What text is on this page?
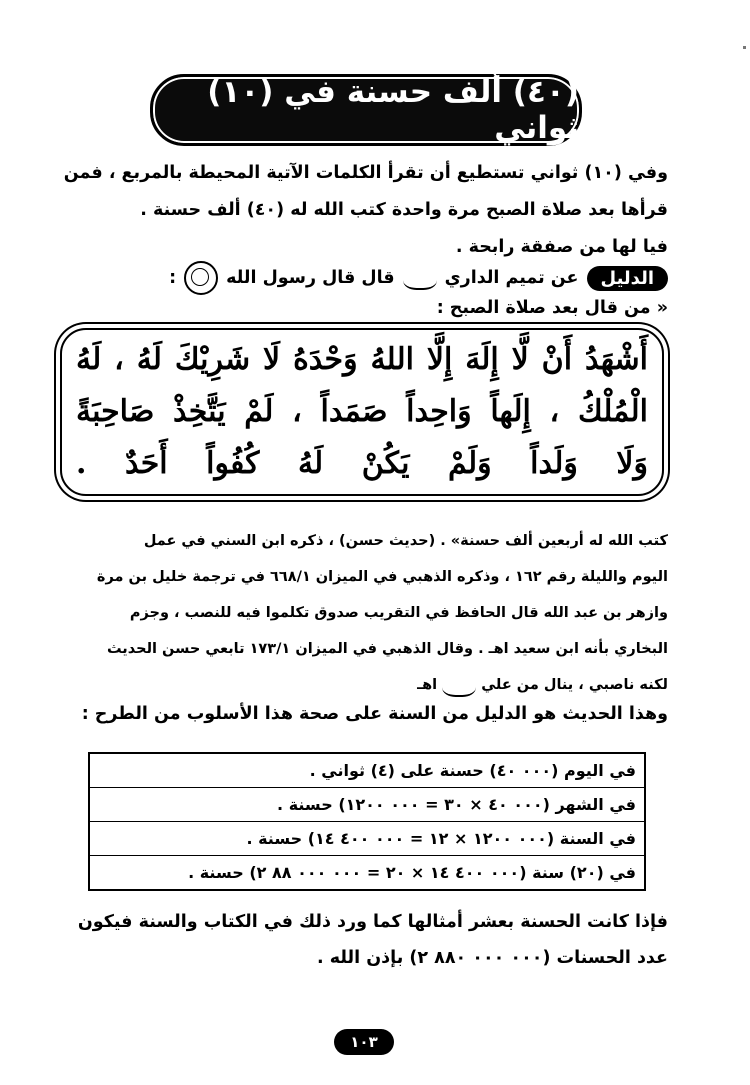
(٤٠) ألف حسنة في (١٠) ثواني
وفي (١٠) ثواني تستطيع أن تقرأ الكلمات الآتية المحيطة بالمربع ، فمن
قرأها بعد صلاة الصبح مرة واحدة كتب الله له (٤٠) ألف حسنة .
فيا لها من صفقة رابحة .
الدليل
عن تميم الداري
قال قال رسول الله
:
« من قال بعد صلاة الصبح :
أَشْهَدُ أَنْ لَّا إِلَهَ إِلَّا اللهُ وَحْدَهُ لَا شَرِيْكَ لَهُ ، لَهُ
الْمُلْكُ ، إِلَهاً وَاحِداً صَمَداً ، لَمْ يَتَّخِذْ صَاحِبَةً
وَلَا وَلَداً وَلَمْ يَكُنْ لَهُ كُفُواً أَحَدٌ .
كتب الله له أربعين ألف حسنة» . (حديث حسن) ، ذكره ابن السني في عمل
اليوم والليلة رقم ١٦٢ ، وذكره الذهبي في الميزان ٦٦٨/١ في ترجمة خليل بن مرة
وازهر بن عبد الله قال الحافظ في التقريب صدوق تكلموا فيه للنصب ، وجزم
البخاري بأنه ابن سعيد اهـ . وقال الذهبي في الميزان ١٧٣/١ تابعي حسن الحديث
لكنه ناصبي ، ينال من علي  اهـ
وهذا الحديث هو الدليل من السنة على صحة هذا الأسلوب من الطرح :
في اليوم (٠٠٠ ٤٠) حسنة على (٤) ثواني .
في الشهر (٠٠٠ ٤٠ × ٣٠ = ٠٠٠ ١٢٠٠) حسنة .
في السنة (٠٠٠ ١٢٠٠ × ١٢ = ٠٠٠ ٤٠٠ ١٤) حسنة .
في (٢٠) سنة (٠٠٠ ٤٠٠ ١٤ × ٢٠ = ٠٠٠ ٠٠٠ ٨٨ ٢) حسنة .
فإذا كانت الحسنة بعشر أمثالها كما ورد ذلك في الكتاب والسنة فيكون
عدد الحسنات (٠٠٠ ٠٠٠ ٨٨٠ ٢) بإذن الله .
١٠٣
